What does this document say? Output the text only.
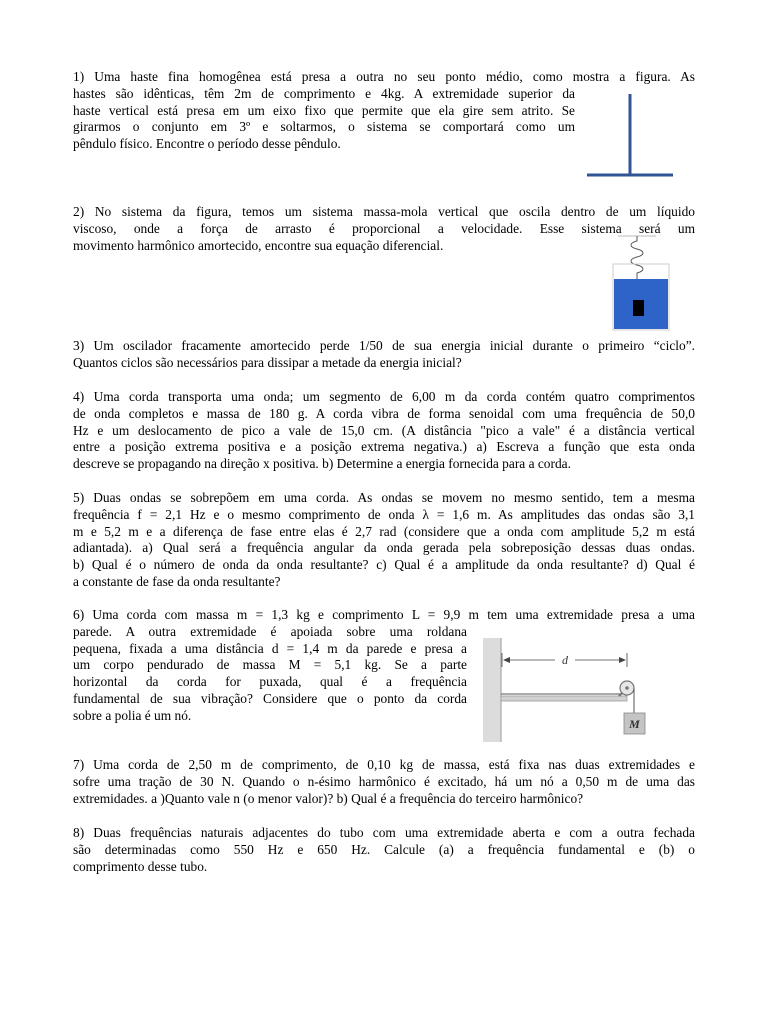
1) Uma haste fina homogênea está presa a outra no seu ponto médio, como mostra a figura. As
hastes são idênticas, têm 2m de comprimento e 4kg. A extremidade superior da
haste vertical está presa em um eixo fixo que permite que ela gire sem atrito. Se
girarmos o conjunto em 3º e soltarmos, o sistema se comportará como um
pêndulo físico. Encontre o período desse pêndulo.
2) No sistema da figura, temos um sistema massa-mola vertical que oscila dentro de um líquido
viscoso, onde a força de arrasto é proporcional a velocidade. Esse sistema será um
movimento harmônico amortecido, encontre sua equação diferencial.
3) Um oscilador fracamente amortecido perde 1/50 de sua energia inicial durante o primeiro “ciclo”.
Quantos ciclos são necessários para dissipar a metade da energia inicial?
4) Uma corda transporta uma onda; um segmento de 6,00 m da corda contém quatro comprimentos
de onda completos e massa de 180 g. A corda vibra de forma senoidal com uma frequência de 50,0
Hz e um deslocamento de pico a vale de 15,0 cm. (A distância "pico a vale" é a distância vertical
entre a posição extrema positiva e a posição extrema negativa.) a) Escreva a função que esta onda
descreve se propagando na direção x positiva. b) Determine a energia fornecida para a corda.
5) Duas ondas se sobrepõem em uma corda. As ondas se movem no mesmo sentido, tem a mesma
frequência f = 2,1 Hz e o mesmo comprimento de onda λ = 1,6 m. As amplitudes das ondas são 3,1
m e 5,2 m e a diferença de fase entre elas é 2,7 rad (considere que a onda com amplitude 5,2 m está
adiantada). a) Qual será a frequência angular da onda gerada pela sobreposição dessas duas ondas.
b) Qual é o número de onda da onda resultante? c) Qual é a amplitude da onda resultante? d) Qual é
a constante de fase da onda resultante?
6) Uma corda com massa m = 1,3 kg e comprimento L = 9,9 m tem uma extremidade presa a uma
parede. A outra extremidade é apoiada sobre uma roldana
pequena, fixada a uma distância d = 1,4 m da parede e presa a
um corpo pendurado de massa M = 5,1 kg. Se a parte
horizontal da corda for puxada, qual é a frequência
fundamental de sua vibração? Considere que o ponto da corda
sobre a polia é um nó.
d
M
7) Uma corda de 2,50 m de comprimento, de 0,10 kg de massa, está fixa nas duas extremidades e
sofre uma tração de 30 N. Quando o n-ésimo harmônico é excitado, há um nó a 0,50 m de uma das
extremidades. a )Quanto vale n (o menor valor)? b) Qual é a frequência do terceiro harmônico?
8) Duas frequências naturais adjacentes do tubo com uma extremidade aberta e com a outra fechada
são determinadas como 550 Hz e 650 Hz. Calcule (a) a frequência fundamental e (b) o
comprimento desse tubo.
